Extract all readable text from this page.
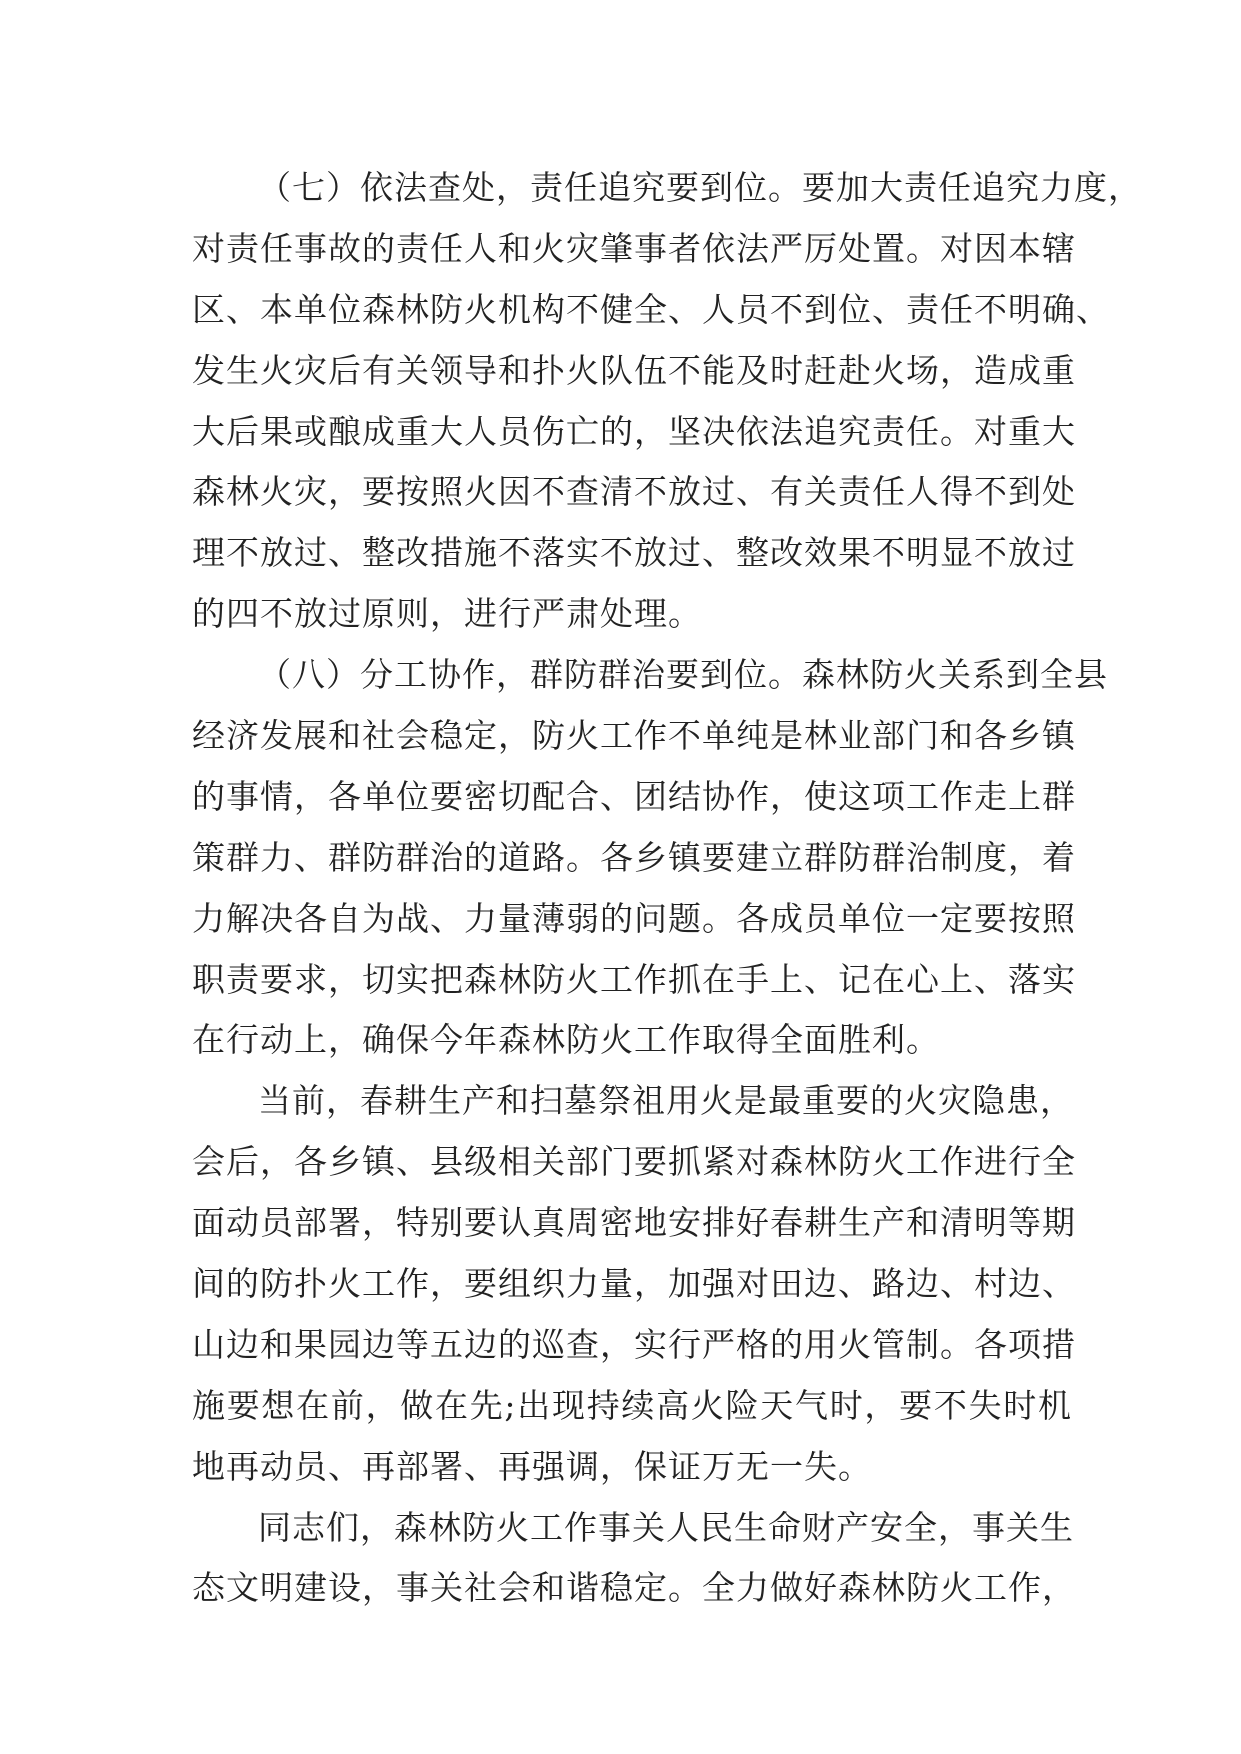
（七）依法查处，责任追究要到位。要加大责任追究力度，
对责任事故的责任人和火灾肇事者依法严厉处置。对因本辖
区、本单位森林防火机构不健全、人员不到位、责任不明确、
发生火灾后有关领导和扑火队伍不能及时赶赴火场，造成重
大后果或酿成重大人员伤亡的，坚决依法追究责任。对重大
森林火灾，要按照火因不查清不放过、有关责任人得不到处
理不放过、整改措施不落实不放过、整改效果不明显不放过
的四不放过原则，进行严肃处理。
（八）分工协作，群防群治要到位。森林防火关系到全县
经济发展和社会稳定，防火工作不单纯是林业部门和各乡镇
的事情，各单位要密切配合、团结协作，使这项工作走上群
策群力、群防群治的道路。各乡镇要建立群防群治制度，着
力解决各自为战、力量薄弱的问题。各成员单位一定要按照
职责要求，切实把森林防火工作抓在手上、记在心上、落实
在行动上，确保今年森林防火工作取得全面胜利。
当前，春耕生产和扫墓祭祖用火是最重要的火灾隐患，
会后，各乡镇、县级相关部门要抓紧对森林防火工作进行全
面动员部署，特别要认真周密地安排好春耕生产和清明等期
间的防扑火工作，要组织力量，加强对田边、路边、村边、
山边和果园边等五边的巡查，实行严格的用火管制。各项措
施要想在前，做在先;出现持续高火险天气时，要不失时机
地再动员、再部署、再强调，保证万无一失。
同志们，森林防火工作事关人民生命财产安全，事关生
态文明建设，事关社会和谐稳定。全力做好森林防火工作，
